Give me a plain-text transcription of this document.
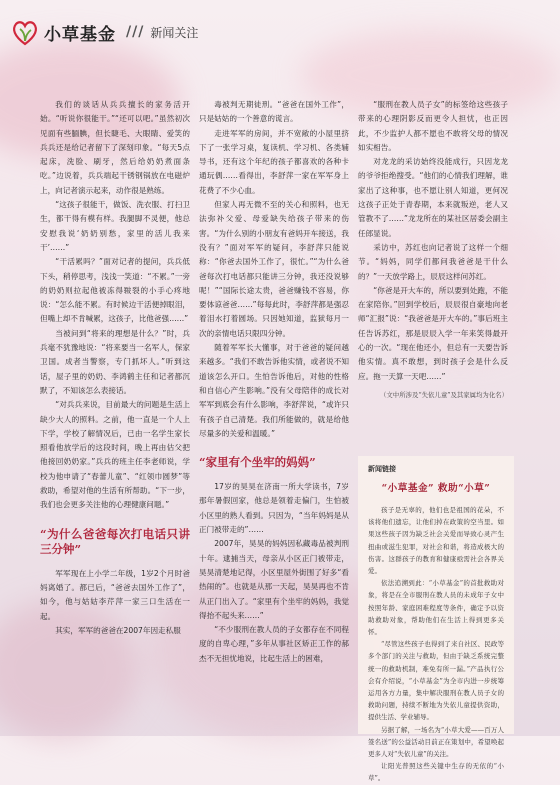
小草基金 /// 新闻关注

我们的谈话从兵兵擅长的家务活开始。“听说你很能干。”“还可以吧。”虽然初次见面有些腼腆，但长睫毛、大眼睛、爱笑的兵兵还是给记者留下了深刻印象。“每天5点起床，洗脸、刷牙，然后给奶奶煮面条吃。”边说着，兵兵端起干锈钢锅放在电磁炉上，向记者演示起来，动作很是熟练。

“这孩子很能干，做饭、洗衣服、打扫卫生，都干得有模有样。我腿脚不灵便，他总安慰我说‘奶奶别愁，家里的活儿我来干’……”

“干活累吗？”面对记者的提问，兵兵低下头，稍停思考，浅浅一笑道：“不累。”一旁的奶奶则拉起他被冻得皲裂的小手心疼地说：“怎么能不累。有时候边干活便掉眼泪，但嘴上却不肯喊累，这孩子，比他爸强……”

当被问到“将来的理想是什么？”时，兵兵毫不犹豫地说：“将来要当一名军人，保家卫国。成者当警察，专门抓坏人。”听到这话，屋子里的奶奶、李鸿鹤主任和记者都沉默了，不知该怎么表接话。

“对兵兵来说，目前最大的问题是生活上缺少大人的照料。之前，他一直是一个人上下学，学校了解情况后，已由一名学生家长照看他放学后的这段时间，晚上再由估父把他接回奶奶家。”兵兵的班主任李老师说，学校为他申请了“春蕾儿童”、“红领巾圆梦”等救助，希望对他的生活有所帮助。“下一步，我们也会更多关注他的心理健康问题。”

“为什么爸爸每次打电话只讲三分钟”

军军现在上小学二年级，1岁2个月时爸妈离婚了。都已后，“爸爸去国外工作了”，如今，他与姑姑李芹萍一家三口生活在一起。

其实，军军的爸爸在2007年因走私服

毒被判无期徒刑。“爸爸在国外工作”，只是姑姑的一个善意的谎言。

走进军军的房间，并不宽敞的小屋里挤下了一张学习桌，复读机、学习机、各类辅导书，还有这个年纪的孩子都喜欢的各种卡通玩偶……看得出，李舒萍一家在军军身上花费了不少心血。

但家人再无微不至的关心和照料，也无法弥补父爱、母爱缺失给孩子带来的伤害。“为什么别的小朋友有爸妈开车接送，我没有？”面对军军的疑问，李舒萍只能说称：“你爸去国外工作了，很忙。”“为什么爸爸每次打电话都只能讲三分钟，我还没说够呢！”“国际长途太贵，爸爸赚钱不容易，你要体谅爸爸……”每每此时，李舒萍都是强忍着泪水打着圆场。只因她知道，监狱每月一次的亲情电话只限四分钟。

随着军军长大懂事，对于爸爸的疑问越来越多。“我们不敢告诉他实情，或者说不知道该怎么开口。生怕告诉他后，对他的性格和自信心产生影响。”没有父母陪伴的成长对军军到底会有什么影响，李舒萍说，“或许只有孩子自己清楚。我们所能做的，就是给他尽量多的关爱和温暖。”

“家里有个坐牢的妈妈”

17岁的昊昊在济南一所大学读书，7岁那年暑假回家，他总是领着走偏门，生怕被小区里的熟人看到。只因为，“当年妈妈是从正门被带走的”……

2007年，昊昊的妈妈因私藏毒品被判刑十年。逮捕当天，母亲从小区正门被带走，昊昊清楚地记得，小区里屋外街围了好多“看热闹的”。也就是从那一天起，昊昊再也不肯从正门出入了。“家里有个坐牢的妈妈，我觉得抬不起头来……”

“不少服刑在教人员的子女都存在不同程度的自卑心理，”多年从事社区矫正工作的郝杰不无担忧地说，比起生活上的困难，

“服刑在教人员子女”的标签给这些孩子带来的心理阴影反而更令人担忧，也正因此，不少监护人都不愿也不敢将父母的情况如实相告。

对龙龙的采访始终没能成行，只因龙龙的爷爷拒绝搜受。“他们的心情我们理解，谁家出了这种事，也不愿让别人知道，更何况这孩子正处于青春期，本来就叛逆，老人又管教不了……”龙龙所在的某社区居委会副主任郎显说。

采访中，苏红也向记者说了这样一个细节。“妈妈，同学们都问我爸爸是干什么的？”一天放学路上，辰辰这样问苏红。

“你爸是开大车的，所以要到处跑，不能在家陪你。”回到学校后，辰辰很自豪地向老师“汇报”说：“我爸爸是开大车的。”事后班主任告诉苏红，那是辰辰入学一年来笑得最开心的一次。“现在他还小，但总有一天要告诉他实情。真不敢想，到时孩子会是什么反应。拖一天算一天吧……”

（文中所涉及“失依儿童”及其家属均为化名）
新闻链接
“小草基金” 救助“小草”

孩子是无辜的，他们也是祖国的花朵，不该将他们遗忘，让他们掉在政策的空当里。如果这些孩子因为缺乏社会关爱而导致心灵产生扭曲或滋生犯罪，对社会和谐，将造成极大的伤害。这群孩子的教育和健康亟需社会各界关爱。

依法追溯到此：“小草基金”的首批救助对象，将是在全市服刑在教人员的未成年子女中按照年龄、家庭困难程度等条件，确定予以资助救助对象，帮助他们在生活上得到更多关怀。

“尽管这些孩子也得到了来自社区、民政等多个部门的关注与救助，但由于缺乏系统完整统一的救助机制，难免有所一漏。”产品执行公会有介绍说，“小草基金”为全市内进一步统筹运用各方力量，集中解决服刑在教人员子女的救助问题，持续不断地为失依儿童提供资助，提供生活、学业辅导。

另据了解，一场名为“小草大爱——百万人签名送”的公益活动目前正在策划中，希望唤起更多人对“失依儿童”的关注。

让阳光普照这些关键中生存的无依的“小草”。
